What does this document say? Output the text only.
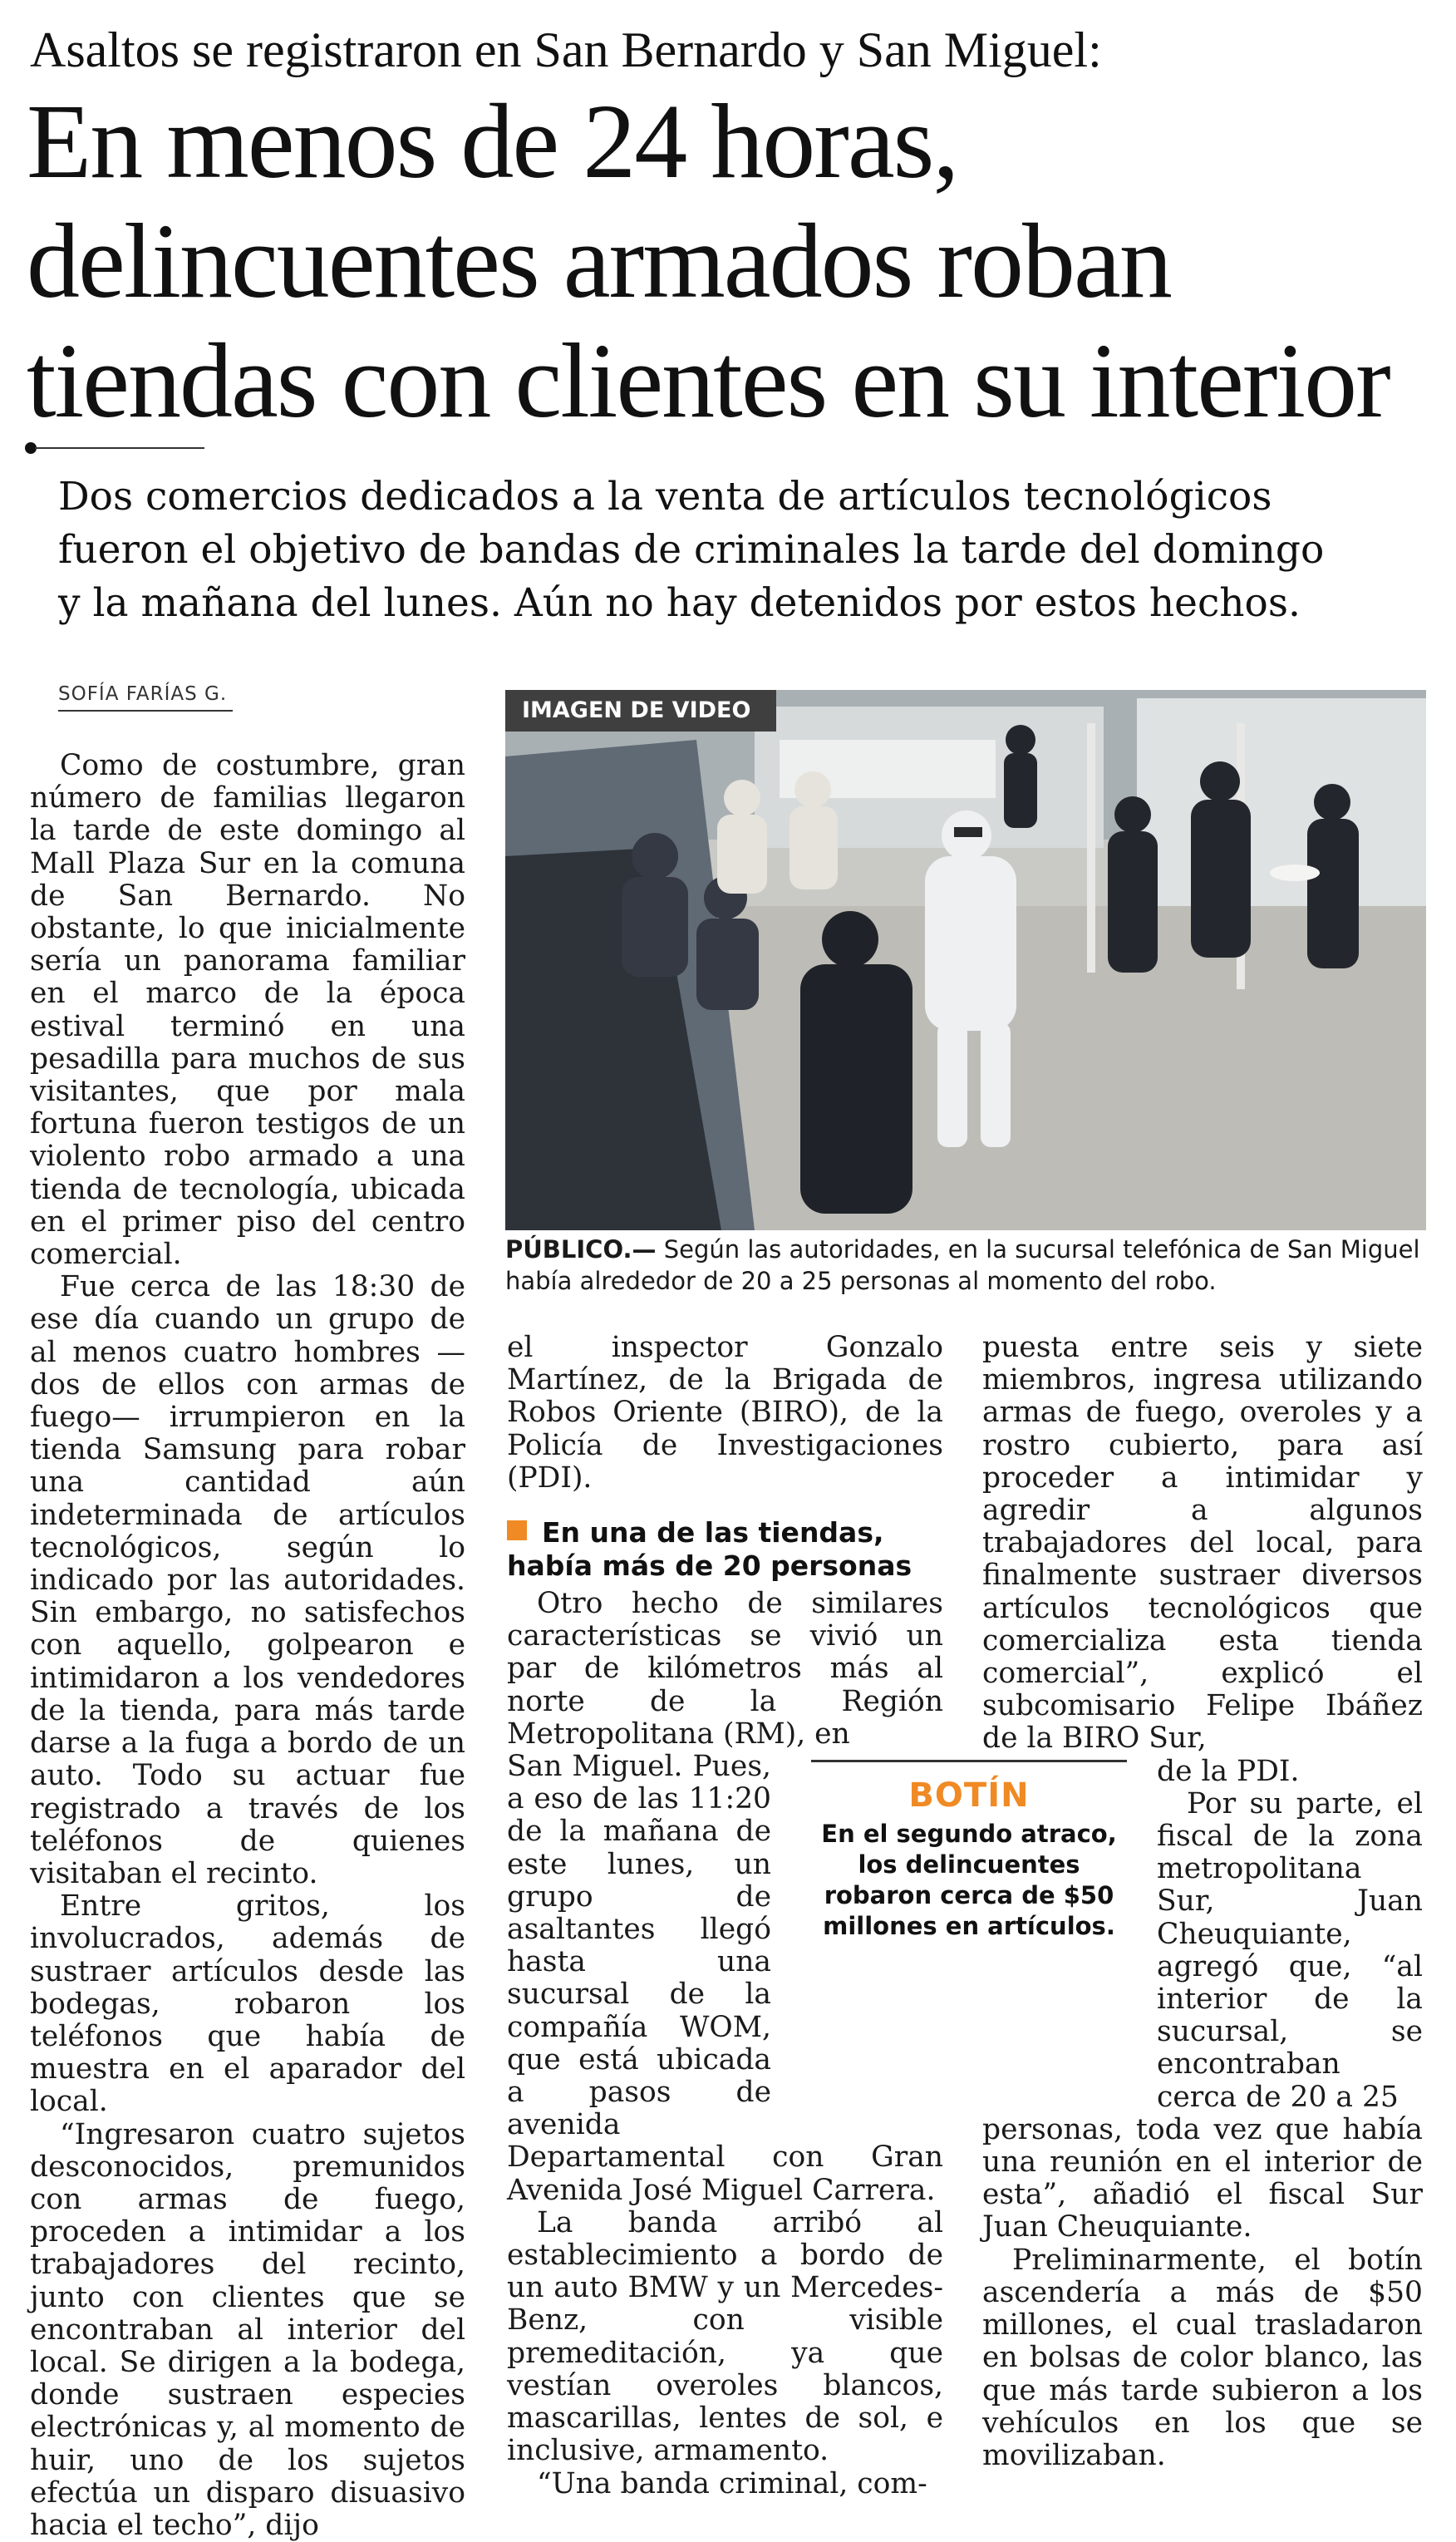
Asaltos se registraron en San Bernardo y San Miguel:
En menos de 24 horas,
delincuentes armados roban
tiendas con clientes en su interior
Dos comercios dedicados a la venta de artículos tecnológicos
fueron el objetivo de bandas de criminales la tarde del domingo
y la mañana del lunes. Aún no hay detenidos por estos hechos.
SOFÍA FARÍAS G.

Como de costumbre, gran número de familias llegaron la tarde de este domingo al Mall Plaza Sur en la comuna de San Bernardo. No obstante, lo que inicialmente sería un panorama familiar en el marco de la época estival terminó en una pesadilla para muchos de sus visitantes, que por mala fortuna fueron testigos de un violento robo armado a una tienda de tecnología, ubicada en el primer piso del centro comercial.

Fue cerca de las 18:30 de ese día cuando un grupo de al menos cuatro hombres —dos de ellos con armas de fuego— irrumpieron en la tienda Samsung para robar una cantidad aún indeterminada de artículos tecnológicos, según lo indicado por las autoridades. Sin embargo, no satisfechos con aquello, golpearon e intimidaron a los vendedores de la tienda, para más tarde darse a la fuga a bordo de un auto. Todo su actuar fue registrado a través de los teléfonos de quienes visitaban el recinto.

Entre gritos, los involucrados, además de sustraer artículos desde las bodegas, robaron los teléfonos que había de muestra en el aparador del local.

“Ingresaron cuatro sujetos desconocidos, premunidos con armas de fuego, proceden a intimidar a los trabajadores del recinto, junto con clientes que se encontraban al interior del local. Se dirigen a la bodega, donde sustraen especies electrónicas y, al momento de huir, uno de los sujetos efectúa un disparo disuasivo hacia el techo”, dijo

IMAGEN DE VIDEO
PÚBLICO.— Según las autoridades, en la sucursal telefónica de San Miguel
había alrededor de 20 a 25 personas al momento del robo.

el inspector Gonzalo Martínez, de la Brigada de Robos Oriente (BIRO), de la Policía de Investigaciones (PDI).

En una de las tiendas, había más de 20 personas

Otro hecho de similares características se vivió un par de kilómetros más al norte de la Región Metropolitana (RM), en

San Miguel. Pues, a eso de las 11:20 de la mañana de este lunes, un grupo de asaltantes llegó hasta una sucursal de la compañía WOM, que está ubicada a pasos de avenida

Departamental con Gran Avenida José Miguel Carrera.

La banda arribó al establecimiento a bordo de un auto BMW y un Mercedes-Benz, con visible premeditación, ya que vestían overoles blancos, mascarillas, lentes de sol, e inclusive, armamento.

“Una banda criminal, com-

puesta entre seis y siete miembros, ingresa utilizando armas de fuego, overoles y a rostro cubierto, para así proceder a intimidar y agredir a algunos trabajadores del local, para finalmente sustraer diversos artículos tecnológicos que comercializa esta tienda comercial”, explicó el subcomisario Felipe Ibáñez de la BIRO Sur,

de la PDI.

Por su parte, el fiscal de la zona metropolitana Sur, Juan Cheuquiante, agregó que, “al interior de la sucursal, se encontraban cerca de 20 a 25

personas, toda vez que había una reunión en el interior de esta”, añadió el fiscal Sur Juan Cheuquiante.

Preliminarmente, el botín ascendería a más de $50 millones, el cual trasladaron en bolsas de color blanco, las que más tarde subieron a los vehículos en los que se movilizaban.

BOTÍN
En el segundo atraco,
los delincuentes
robaron cerca de $50
millones en artículos.
